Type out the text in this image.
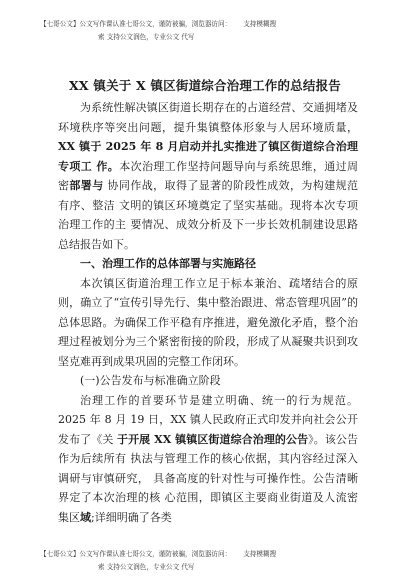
【七哥公文】公文写作课认准七哥公文，谨防被骗，浏览器访问： 支持模糊搜
索 支持公文润色，专业公文 代写
XX 镇关于 X 镇区街道综合治理工作的总结报告

为系统性解决镇区街道长期存在的占道经营、交通拥堵及环境秩序等突出问题，提升集镇整体形象与人居环境质量，XX 镇于 2025 年 8 月启动并扎实推进了镇区街道综合治理专项工 作。本次治理工作坚持问题导向与系统思维，通过周密部署与 协同作战，取得了显著的阶段性成效，为构建规范有序、整洁 文明的镇区环境奠定了坚实基础。现将本次专项治理工作的主 要情况、成效分析及下一步长效机制建设思路总结报告如下。

一、治理工作的总体部署与实施路径

本次镇区街道治理工作立足于标本兼治、疏堵结合的原则，确立了“宣传引导先行、集中整治跟进、常态管理巩固”的总体思路。为确保工作平稳有序推进，避免激化矛盾，整个治理过程被划分为三个紧密衔接的阶段，形成了从凝聚共识到攻坚克难再到成果巩固的完整工作闭环。

(一)公告发布与标准确立阶段

治理工作的首要环节是建立明确、统一的行为规范。2025 年 8 月 19 日，XX 镇人民政府正式印发并向社会公开发布了《关 于开展 XX 镇镇区街道综合治理的公告》。该公告作为后续所有 执法与管理工作的核心依据，其内容经过深入调研与审慎研究， 具备高度的针对性与可操作性。公告清晰界定了本次治理的核 心范围，即镇区主要商业街道及人流密集区域;详细明确了各类

【七哥公文】公文写作课认准七哥公文，谨防被骗，浏览器访问： 支持模糊搜
索 支持公文润色，专业公文 代写
